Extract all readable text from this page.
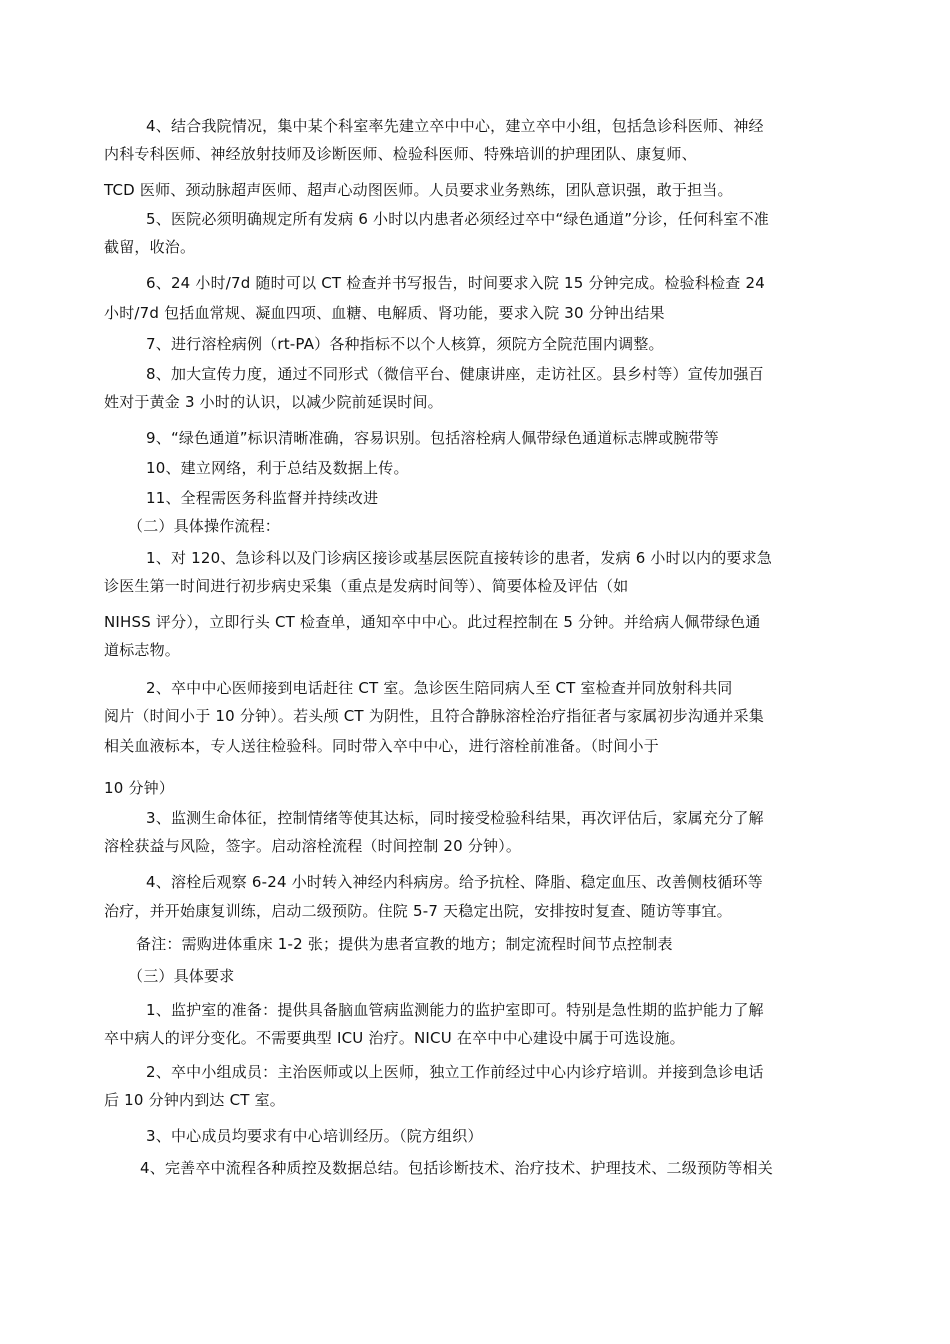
4、结合我院情况，集中某个科室率先建立卒中中心，建立卒中小组，包括急诊科医师、神经
内科专科医师、神经放射技师及诊断医师、检验科医师、特殊培训的护理团队、康复师、
TCD 医师、颈动脉超声医师、超声心动图医师。人员要求业务熟练，团队意识强，敢于担当。
5、医院必须明确规定所有发病 6 小时以内患者必须经过卒中“绿色通道”分诊，任何科室不准
截留，收治。
6、24 小时/7d 随时可以 CT 检查并书写报告，时间要求入院 15 分钟完成。检验科检查 24
小时/7d 包括血常规、凝血四项、血糖、电解质、肾功能，要求入院 30 分钟出结果
7、进行溶栓病例（rt-PA）各种指标不以个人核算，须院方全院范围内调整。
8、加大宣传力度，通过不同形式（微信平台、健康讲座，走访社区。县乡村等）宣传加强百
姓对于黄金 3 小时的认识，以减少院前延误时间。
9、“绿色通道”标识清晰准确，容易识别。包括溶栓病人佩带绿色通道标志牌或腕带等
10、建立网络，利于总结及数据上传。
11、全程需医务科监督并持续改进
（二）具体操作流程：
1、对 120、急诊科以及门诊病区接诊或基层医院直接转诊的患者，发病 6 小时以内的要求急
诊医生第一时间进行初步病史采集（重点是发病时间等）、简要体检及评估（如
NIHSS 评分），立即行头 CT 检查单，通知卒中中心。此过程控制在 5 分钟。并给病人佩带绿色通
道标志物。
2、卒中中心医师接到电话赶往 CT 室。急诊医生陪同病人至 CT 室检查并同放射科共同
阅片（时间小于 10 分钟）。若头颅 CT 为阴性，且符合静脉溶栓治疗指征者与家属初步沟通并采集
相关血液标本，专人送往检验科。同时带入卒中中心，进行溶栓前准备。（时间小于
10 分钟）
3、监测生命体征，控制情绪等使其达标，同时接受检验科结果，再次评估后，家属充分了解
溶栓获益与风险，签字。启动溶栓流程（时间控制 20 分钟）。
4、溶栓后观察 6-24 小时转入神经内科病房。给予抗栓、降脂、稳定血压、改善侧枝循环等
治疗，并开始康复训练，启动二级预防。住院 5-7 天稳定出院，安排按时复查、随访等事宜。
备注：需购进体重床 1-2 张；提供为患者宣教的地方；制定流程时间节点控制表
（三）具体要求
1、监护室的准备：提供具备脑血管病监测能力的监护室即可。特别是急性期的监护能力了解
卒中病人的评分变化。不需要典型 ICU 治疗。NICU 在卒中中心建设中属于可选设施。
2、卒中小组成员：主治医师或以上医师，独立工作前经过中心内诊疗培训。并接到急诊电话
后 10 分钟内到达 CT 室。
3、中心成员均要求有中心培训经历。（院方组织）
4、完善卒中流程各种质控及数据总结。包括诊断技术、治疗技术、护理技术、二级预防等相关
